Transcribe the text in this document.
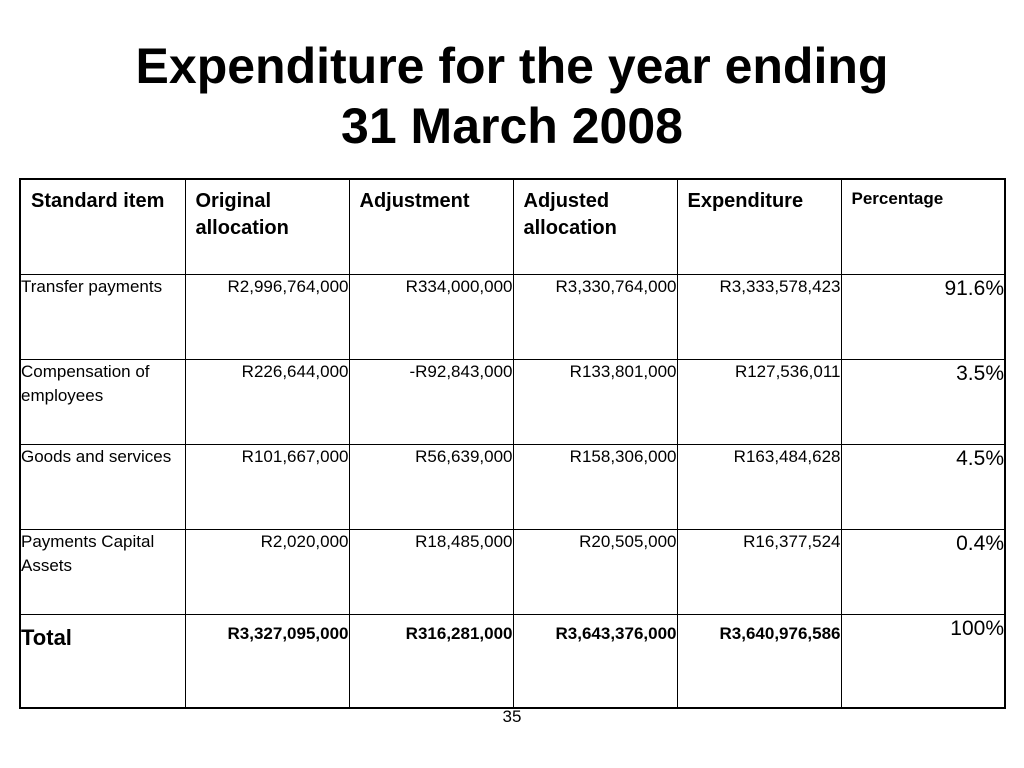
Expenditure for the year ending
31 March 2008
Standard item	Original allocation	Adjustment	Adjusted allocation	Expenditure	Percentage
Transfer payments	R2,996,764,000	R334,000,000	R3,330,764,000	R3,333,578,423	91.6%
Compensation of employees	R226,644,000	-R92,843,000	R133,801,000	R127,536,011	3.5%
Goods and services	R101,667,000	R56,639,000	R158,306,000	R163,484,628	4.5%
Payments Capital Assets	R2,020,000	R18,485,000	R20,505,000	R16,377,524	0.4%
Total	R3,327,095,000	R316,281,000	R3,643,376,000	R3,640,976,586	100%
35
